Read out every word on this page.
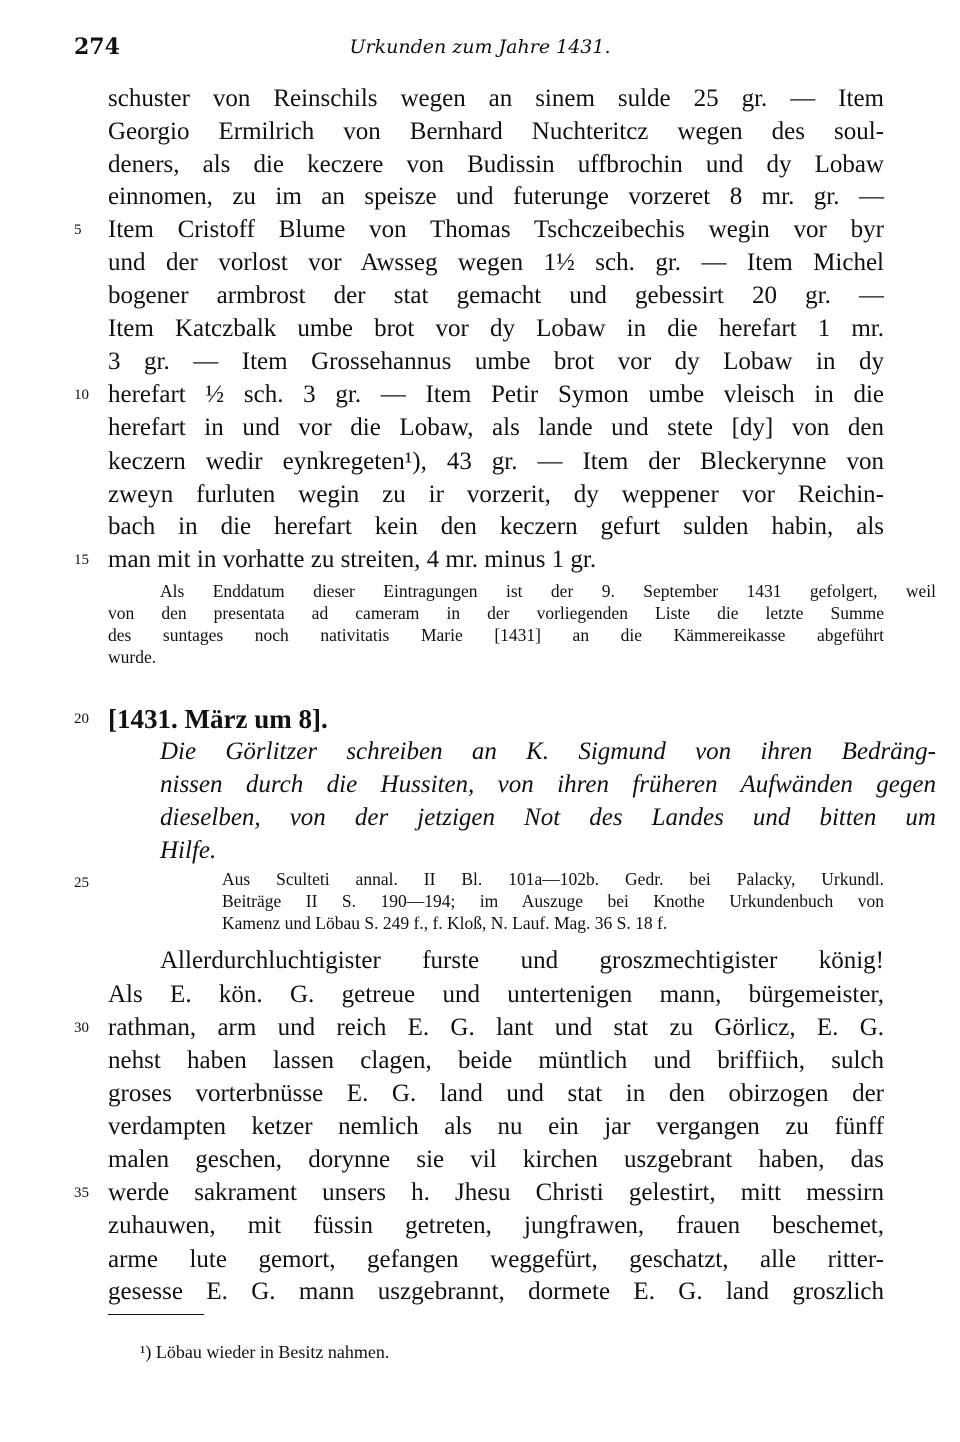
274	Urkunden zum Jahre 1431.
schuster von Reinschils wegen an sinem sulde 25 gr. — Item
Georgio Ermilrich von Bernhard Nuchteritcz wegen des soul-
deners, als die keczere von Budissin uffbrochin und dy Lobaw
einnomen, zu im an speisze und futerunge vorzeret 8 mr. gr. —
Item Cristoff Blume von Thomas Tschczeibechis wegin vor byr
5
und der vorlost vor Awsseg wegen 1½ sch. gr. — Item Michel
bogener armbrost der stat gemacht und gebessirt 20 gr. —
Item Katczbalk umbe brot vor dy Lobaw in die herefart 1 mr.
3 gr. — Item Grossehannus umbe brot vor dy Lobaw in dy
herefart ½ sch. 3 gr. — Item Petir Symon umbe vleisch in die
10
herefart in und vor die Lobaw, als lande und stete [dy] von den
keczern wedir eynkregeten¹), 43 gr. — Item der Bleckerynne von
zweyn furluten wegin zu ir vorzerit, dy weppener vor Reichin-
bach in die herefart kein den keczern gefurt sulden habin, als
man mit in vorhatte zu streiten, 4 mr. minus 1 gr.
15
Als Enddatum dieser Eintragungen ist der 9. September 1431 gefolgert, weil
von den presentata ad cameram in der vorliegenden Liste die letzte Summe
des suntages noch nativitatis Marie [1431] an die Kämmereikasse abgeführt
wurde.
[1431. März um 8].
20
Die Görlitzer schreiben an K. Sigmund von ihren Bedräng-
nissen durch die Hussiten, von ihren früheren Aufwänden gegen
dieselben, von der jetzigen Not des Landes und bitten um
Hilfe.
Aus Sculteti annal. II Bl. 101a—102b. Gedr. bei Palacky, Urkundl.
25
Beiträge II S. 190—194; im Auszuge bei Knothe Urkundenbuch von
Kamenz und Löbau S. 249 f., f. Kloß, N. Lauf. Mag. 36 S. 18 f.
Allerdurchluchtigister furste und groszmechtigister könig!
Als E. kön. G. getreue und untertenigen mann, bürgemeister,
rathman, arm und reich E. G. lant und stat zu Görlicz, E. G.
30
nehst haben lassen clagen, beide müntlich und briffiich, sulch
groses vorterbnüsse E. G. land und stat in den obirzogen der
verdampten ketzer nemlich als nu ein jar vergangen zu fünff
malen geschen, dorynne sie vil kirchen uszgebrant haben, das
werde sakrament unsers h. Jhesu Christi gelestirt, mitt messirn
35
zuhauwen, mit füssin getreten, jungfrawen, frauen beschemet,
arme lute gemort, gefangen weggefürt, geschatzt, alle ritter-
gesesse E. G. mann uszgebrannt, dormete E. G. land groszlich
¹) Löbau wieder in Besitz nahmen.
